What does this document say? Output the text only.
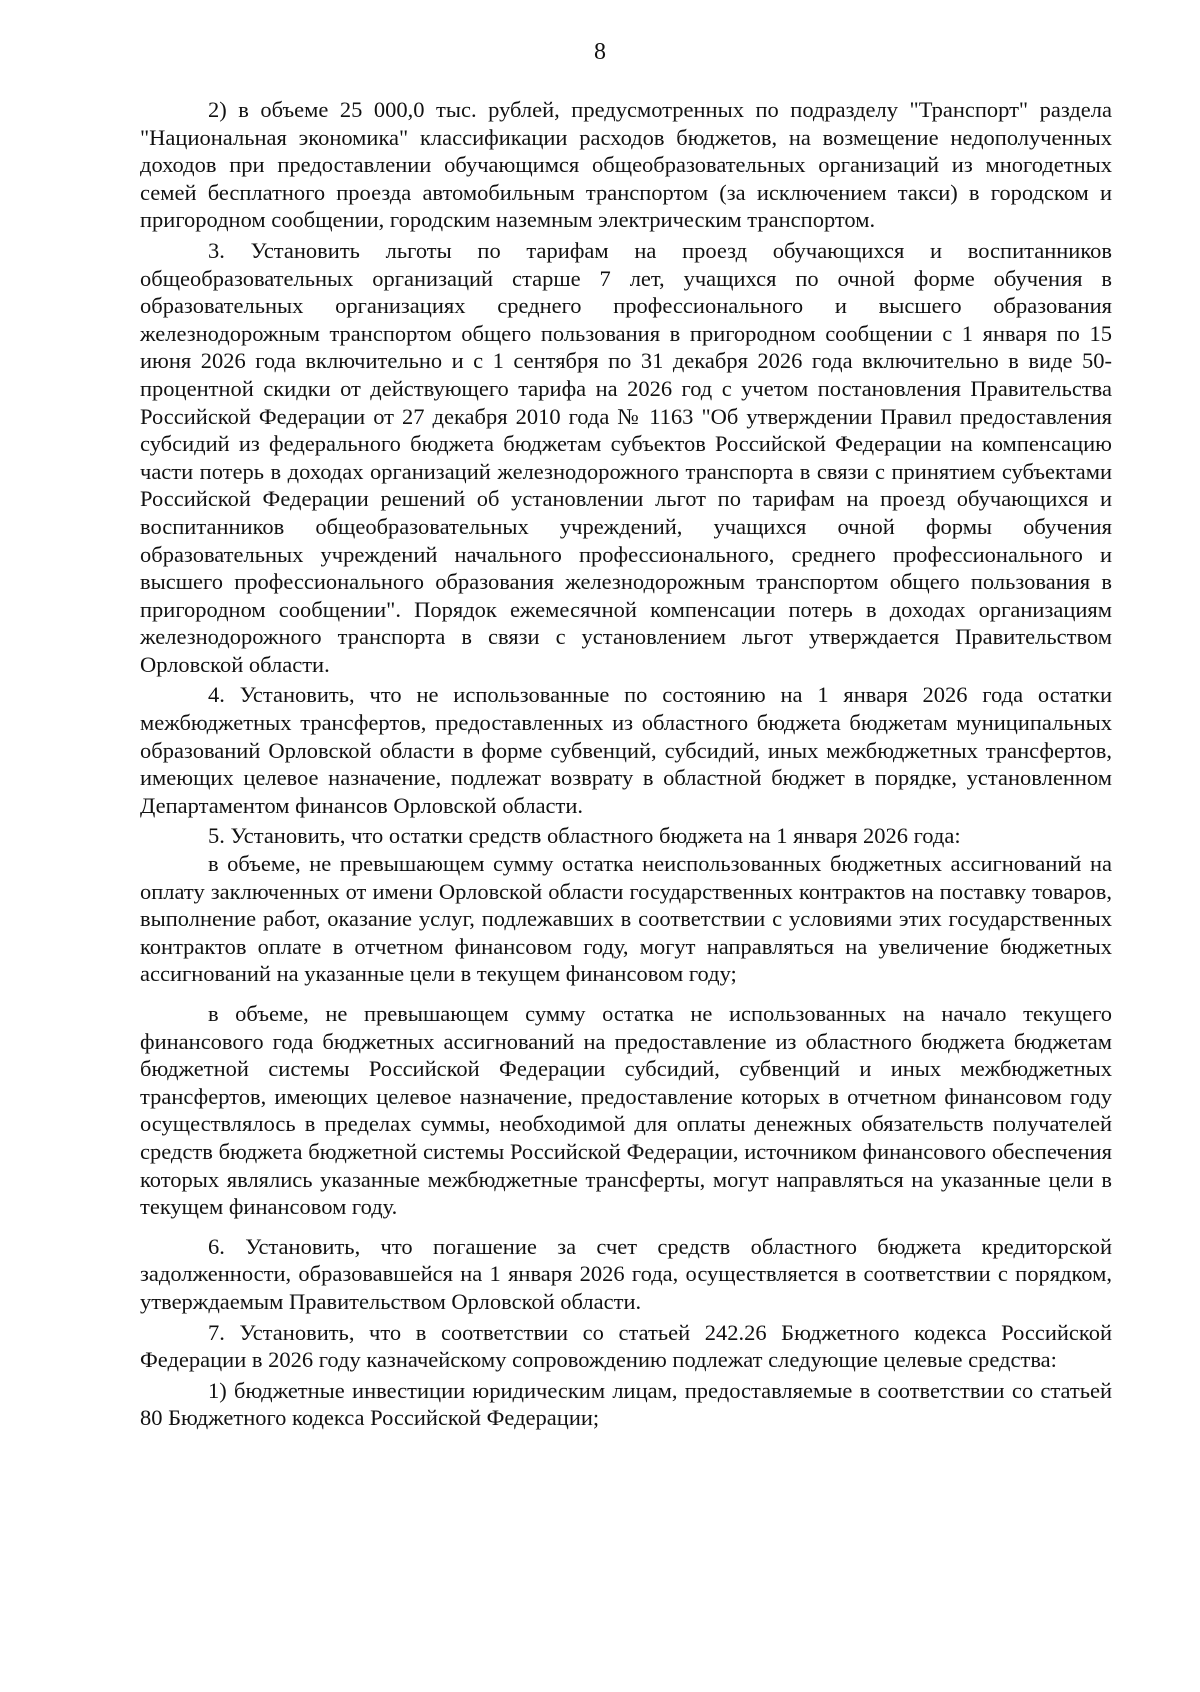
8

2) в объеме 25 000,0 тыс. рублей, предусмотренных по подразделу "Транспорт" раздела "Национальная экономика" классификации расходов бюджетов, на возмещение недополученных доходов при предоставлении обучающимся общеобразовательных организаций из многодетных семей бесплатного проезда автомобильным транспортом (за исключением такси) в городском и пригородном сообщении, городским наземным электрическим транспортом.

3. Установить льготы по тарифам на проезд обучающихся и воспитанников общеобразовательных организаций старше 7 лет, учащихся по очной форме обучения в образовательных организациях среднего профессионального и высшего образования железнодорожным транспортом общего пользования в пригородном сообщении с 1 января по 15 июня 2026 года включительно и с 1 сентября по 31 декабря 2026 года включительно в виде 50-процентной скидки от действующего тарифа на 2026 год с учетом постановления Правительства Российской Федерации от 27 декабря 2010 года № 1163 "Об утверждении Правил предоставления субсидий из федерального бюджета бюджетам субъектов Российской Федерации на компенсацию части потерь в доходах организаций железнодорожного транспорта в связи с принятием субъектами Российской Федерации решений об установлении льгот по тарифам на проезд обучающихся и воспитанников общеобразовательных учреждений, учащихся очной формы обучения образовательных учреждений начального профессионального, среднего профессионального и высшего профессионального образования железнодорожным транспортом общего пользования в пригородном сообщении". Порядок ежемесячной компенсации потерь в доходах организациям железнодорожного транспорта в связи с установлением льгот утверждается Правительством Орловской области.

4. Установить, что не использованные по состоянию на 1 января 2026 года остатки межбюджетных трансфертов, предоставленных из областного бюджета бюджетам муниципальных образований Орловской области в форме субвенций, субсидий, иных межбюджетных трансфертов, имеющих целевое назначение, подлежат возврату в областной бюджет в порядке, установленном Департаментом финансов Орловской области.

5. Установить, что остатки средств областного бюджета на 1 января 2026 года:

в объеме, не превышающем сумму остатка неиспользованных бюджетных ассигнований на оплату заключенных от имени Орловской области государственных контрактов на поставку товаров, выполнение работ, оказание услуг, подлежавших в соответствии с условиями этих государственных контрактов оплате в отчетном финансовом году, могут направляться на увеличение бюджетных ассигнований на указанные цели в текущем финансовом году;

в объеме, не превышающем сумму остатка не использованных на начало текущего финансового года бюджетных ассигнований на предоставление из областного бюджета бюджетам бюджетной системы Российской Федерации субсидий, субвенций и иных межбюджетных трансфертов, имеющих целевое назначение, предоставление которых в отчетном финансовом году осуществлялось в пределах суммы, необходимой для оплаты денежных обязательств получателей средств бюджета бюджетной системы Российской Федерации, источником финансового обеспечения которых являлись указанные межбюджетные трансферты, могут направляться на указанные цели в текущем финансовом году.

6. Установить, что погашение за счет средств областного бюджета кредиторской задолженности, образовавшейся на 1 января 2026 года, осуществляется в соответствии с порядком, утверждаемым Правительством Орловской области.

7. Установить, что в соответствии со статьей 242.26 Бюджетного кодекса Российской Федерации в 2026 году казначейскому сопровождению подлежат следующие целевые средства:

1) бюджетные инвестиции юридическим лицам, предоставляемые в соответствии со статьей 80 Бюджетного кодекса Российской Федерации;
